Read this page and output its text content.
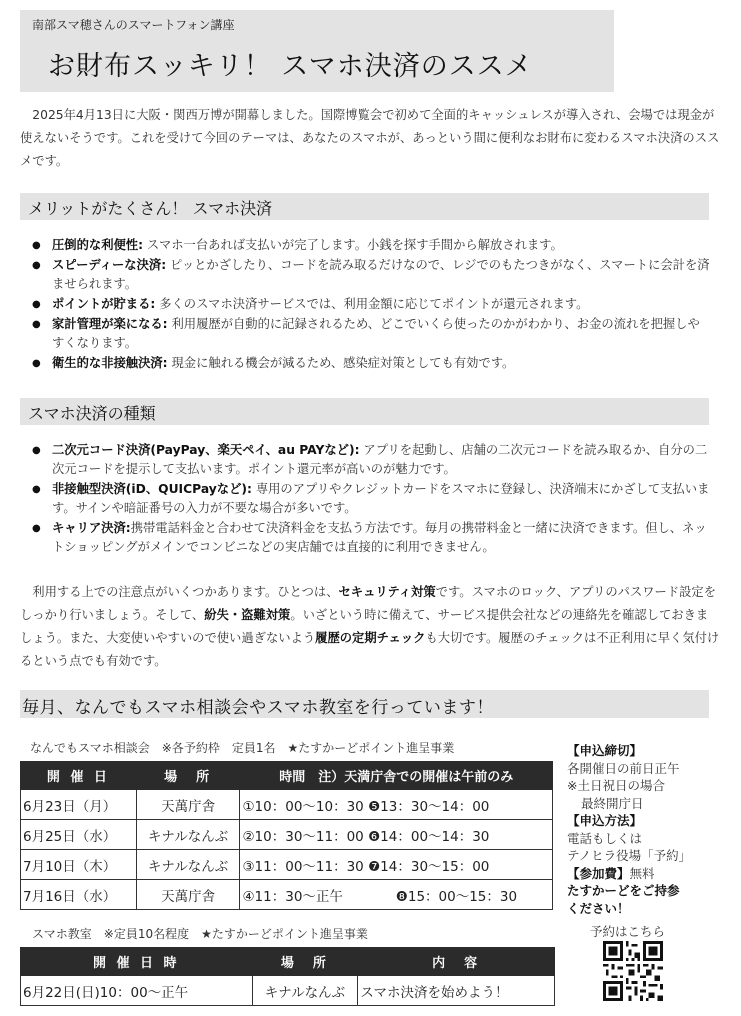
南部スマ穂さんのスマートフォン講座
お財布スッキリ！ スマホ決済のススメ
　2025年4月13日に大阪・関西万博が開幕しました。国際博覧会で初めて全面的キャッシュレスが導入され、会場では現金が使えないそうです。これを受けて今回のテーマは、あなたのスマホが、あっという間に便利なお財布に変わるスマホ決済のススメです。
メリットがたくさん！ スマホ決済
● 圧倒的な利便性: スマホ一台あれば支払いが完了します。小銭を探す手間から解放されます。
● スピーディーな決済: ピッとかざしたり、コードを読み取るだけなので、レジでのもたつきがなく、スマートに会計を済ませられます。
● ポイントが貯まる: 多くのスマホ決済サービスでは、利用金額に応じてポイントが還元されます。
● 家計管理が楽になる: 利用履歴が自動的に記録されるため、どこでいくら使ったのかがわかり、お金の流れを把握しやすくなります。
● 衛生的な非接触決済: 現金に触れる機会が減るため、感染症対策としても有効です。
スマホ決済の種類
● 二次元コード決済(PayPay、楽天ペイ、au PAYなど): アプリを起動し、店舗の二次元コードを読み取るか、自分の二次元コードを提示して支払います。ポイント還元率が高いのが魅力です。
● 非接触型決済(iD、QUICPayなど): 専用のアプリやクレジットカードをスマホに登録し、決済端末にかざして支払います。サインや暗証番号の入力が不要な場合が多いです。
● キャリア決済:携帯電話料金と合わせて決済料金を支払う方法です。毎月の携帯料金と一緒に決済できます。但し、ネットショッピングがメインでコンビニなどの実店舗では直接的に利用できません。
　利用する上での注意点がいくつかあります。ひとつは、セキュリティ対策です。スマホのロック、アプリのパスワード設定をしっかり行いましょう。そして、紛失・盗難対策。いざという時に備えて、サービス提供会社などの連絡先を確認しておきましょう。また、大変使いやすいので使い過ぎないよう履歴の定期チェックも大切です。履歴のチェックは不正利用に早く気付けるという点でも有効です。
毎月、なんでもスマホ相談会やスマホ教室を行っています！
なんでもスマホ相談会　※各予約枠　定員1名　★たすかーどポイント進呈事業
開 催 日	場　所	時間　注）天満庁舎での開催は午前のみ
6月23日（月）	天萬庁舎	①10：00～10：30 ❺13：30～14：00
6月25日（水）	キナルなんぶ	②10：30～11：00 ❻14：00～14：30
7月10日（木）	キナルなんぶ	③11：00～11：30 ❼14：30～15：00
7月16日（水）	天萬庁舎	④11：30～正午 ❽15：00～15：30
スマホ教室　※定員10名程度　★たすかーどポイント進呈事業
開 催 日 時	場　所	内　容
6月22日(日)10：00～正午	キナルなんぶ	スマホ決済を始めよう！
【申込締切】
各開催日の前日正午
※土日祝日の場合
最終開庁日
【申込方法】
電話もしくは
テノヒラ役場「予約」
【参加費】無料
たすかーどをご持参
ください！
予約はこちら
